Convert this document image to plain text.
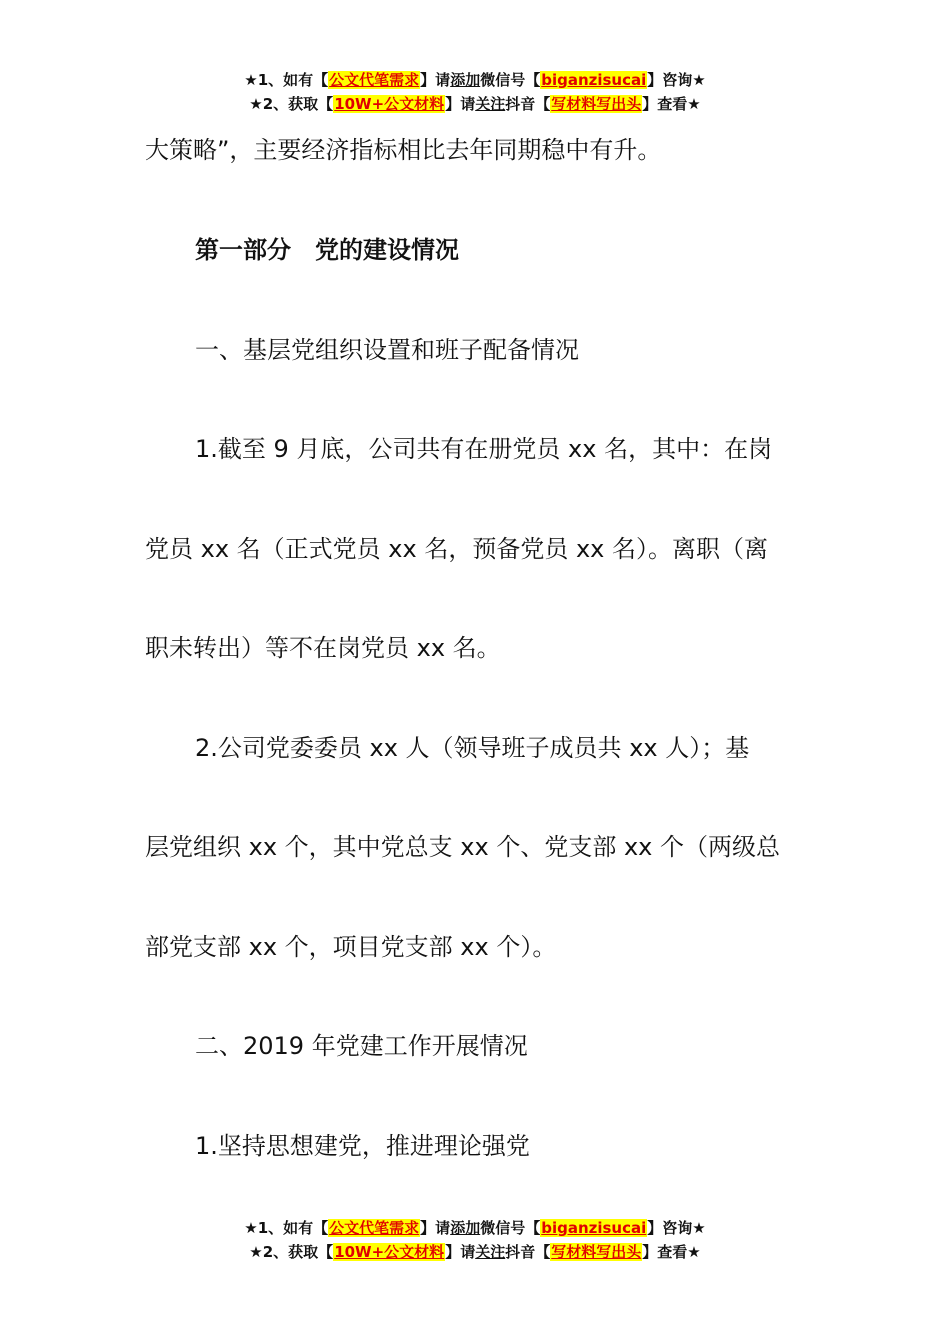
★1、如有【公文代笔需求】请添加微信号【biganzisucai】咨询★
★2、获取【10W+公文材料】请关注抖音【写材料写出头】查看★
大策略”，主要经济指标相比去年同期稳中有升。
第一部分　党的建设情况
一、基层党组织设置和班子配备情况
1.截至 9 月底，公司共有在册党员 xx 名，其中：在岗
党员 xx 名（正式党员 xx 名，预备党员 xx 名）。离职（离
职未转出）等不在岗党员 xx 名。
2.公司党委委员 xx 人（领导班子成员共 xx 人）；基
层党组织 xx 个，其中党总支 xx 个、党支部 xx 个（两级总
部党支部 xx 个，项目党支部 xx 个）。
二、2019 年党建工作开展情况
1.坚持思想建党，推进理论强党
★1、如有【公文代笔需求】请添加微信号【biganzisucai】咨询★
★2、获取【10W+公文材料】请关注抖音【写材料写出头】查看★
